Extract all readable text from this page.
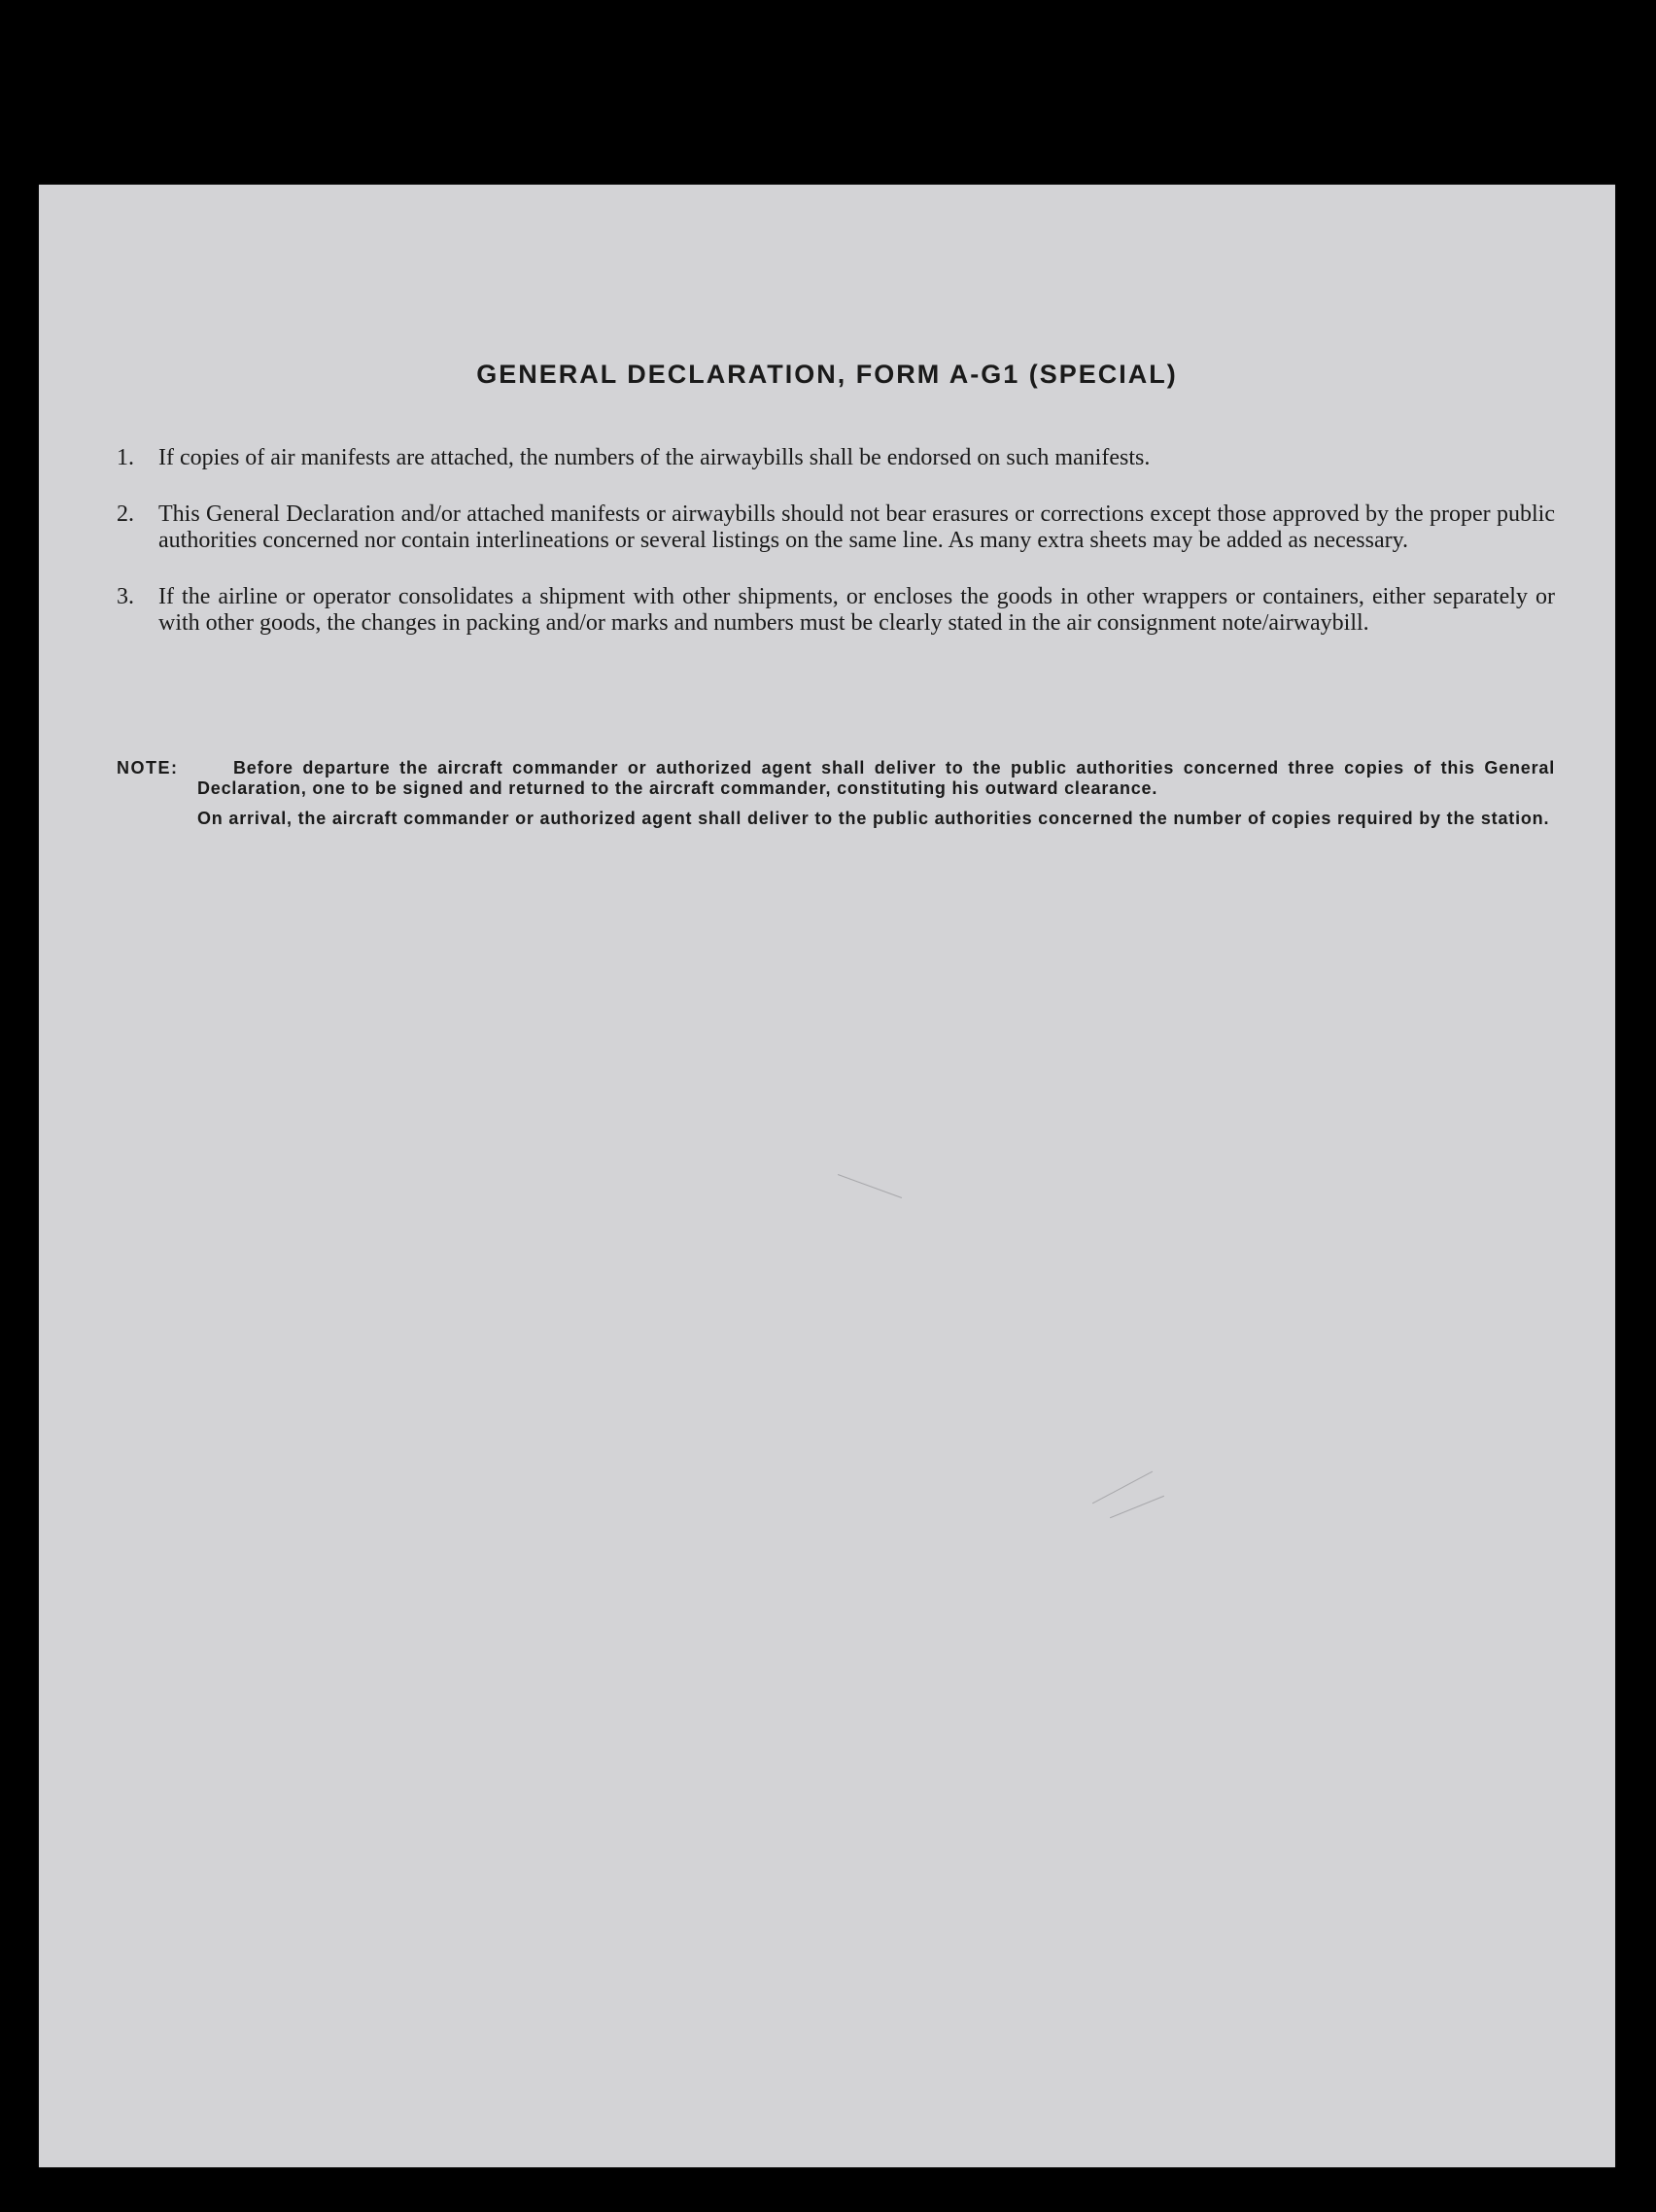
GENERAL DECLARATION, FORM A-G1 (SPECIAL)
1.	If copies of air manifests are attached, the numbers of the airwaybills shall be endorsed on such manifests.
2.	This General Declaration and/or attached manifests or airwaybills should not bear erasures or corrections except those approved by the proper public authorities concerned nor contain interlineations or several listings on the same line. As many extra sheets may be added as necessary.
3.	If the airline or operator consolidates a shipment with other shipments, or encloses the goods in other wrappers or containers, either separately or with other goods, the changes in packing and/or marks and numbers must be clearly stated in the air consignment note/airwaybill.
NOTE:	Before departure the aircraft commander or authorized agent shall deliver to the public authorities concerned three copies of this General Declaration, one to be signed and returned to the aircraft commander, constituting his outward clearance.
On arrival, the aircraft commander or authorized agent shall deliver to the public authorities concerned the number of copies required by the station.
